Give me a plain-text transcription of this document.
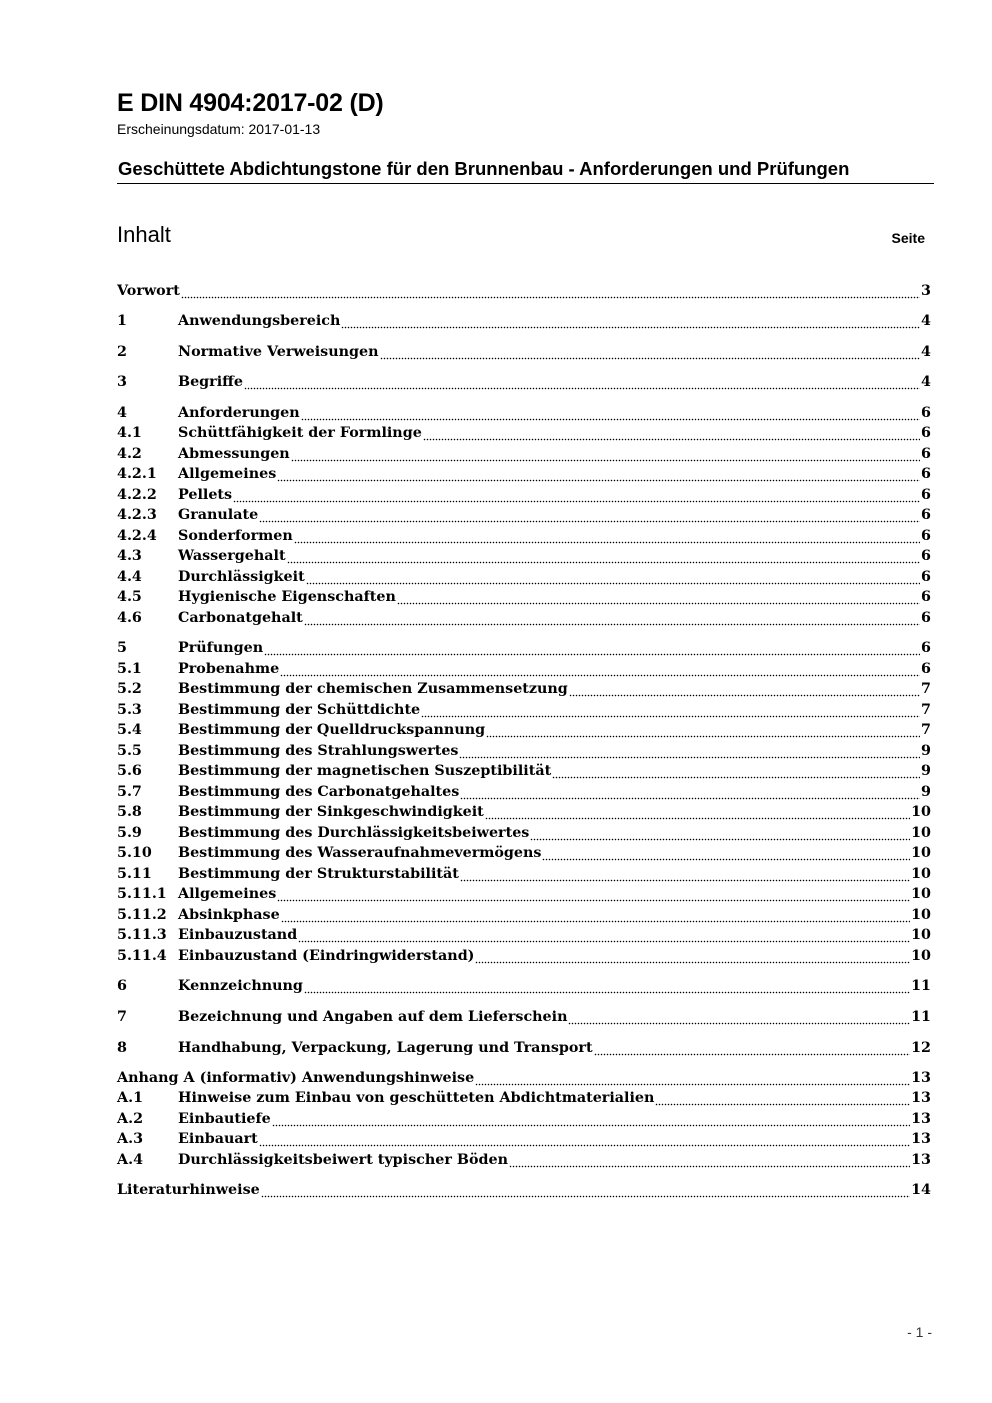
E DIN 4904:2017-02 (D)
Erscheinungsdatum: 2017-01-13
Geschüttete Abdichtungstone für den Brunnenbau - Anforderungen und Prüfungen
Inhalt	Seite
Vorwort	3
1	Anwendungsbereich	4
2	Normative Verweisungen	4
3	Begriffe	4
4	Anforderungen	6
4.1	Schüttfähigkeit der Formlinge	6
4.2	Abmessungen	6
4.2.1	Allgemeines	6
4.2.2	Pellets	6
4.2.3	Granulate	6
4.2.4	Sonderformen	6
4.3	Wassergehalt	6
4.4	Durchlässigkeit	6
4.5	Hygienische Eigenschaften	6
4.6	Carbonatgehalt	6
5	Prüfungen	6
5.1	Probenahme	6
5.2	Bestimmung der chemischen Zusammensetzung	7
5.3	Bestimmung der Schüttdichte	7
5.4	Bestimmung der Quelldruckspannung	7
5.5	Bestimmung des Strahlungswertes	9
5.6	Bestimmung der magnetischen Suszeptibilität	9
5.7	Bestimmung des Carbonatgehaltes	9
5.8	Bestimmung der Sinkgeschwindigkeit	10
5.9	Bestimmung des Durchlässigkeitsbeiwertes	10
5.10	Bestimmung des Wasseraufnahmevermögens	10
5.11	Bestimmung der Strukturstabilität	10
5.11.1 Allgemeines	10
5.11.2 Absinkphase	10
5.11.3 Einbauzustand	10
5.11.4 Einbauzustand (Eindringwiderstand)	10
6	Kennzeichnung	11
7	Bezeichnung und Angaben auf dem Lieferschein	11
8	Handhabung, Verpackung, Lagerung und Transport	12
Anhang A (informativ) Anwendungshinweise	13
A.1	Hinweise zum Einbau von geschütteten Abdichtmaterialien	13
A.2	Einbautiefe	13
A.3	Einbauart	13
A.4	Durchlässigkeitsbeiwert typischer Böden	13
Literaturhinweise	14
- 1 -
